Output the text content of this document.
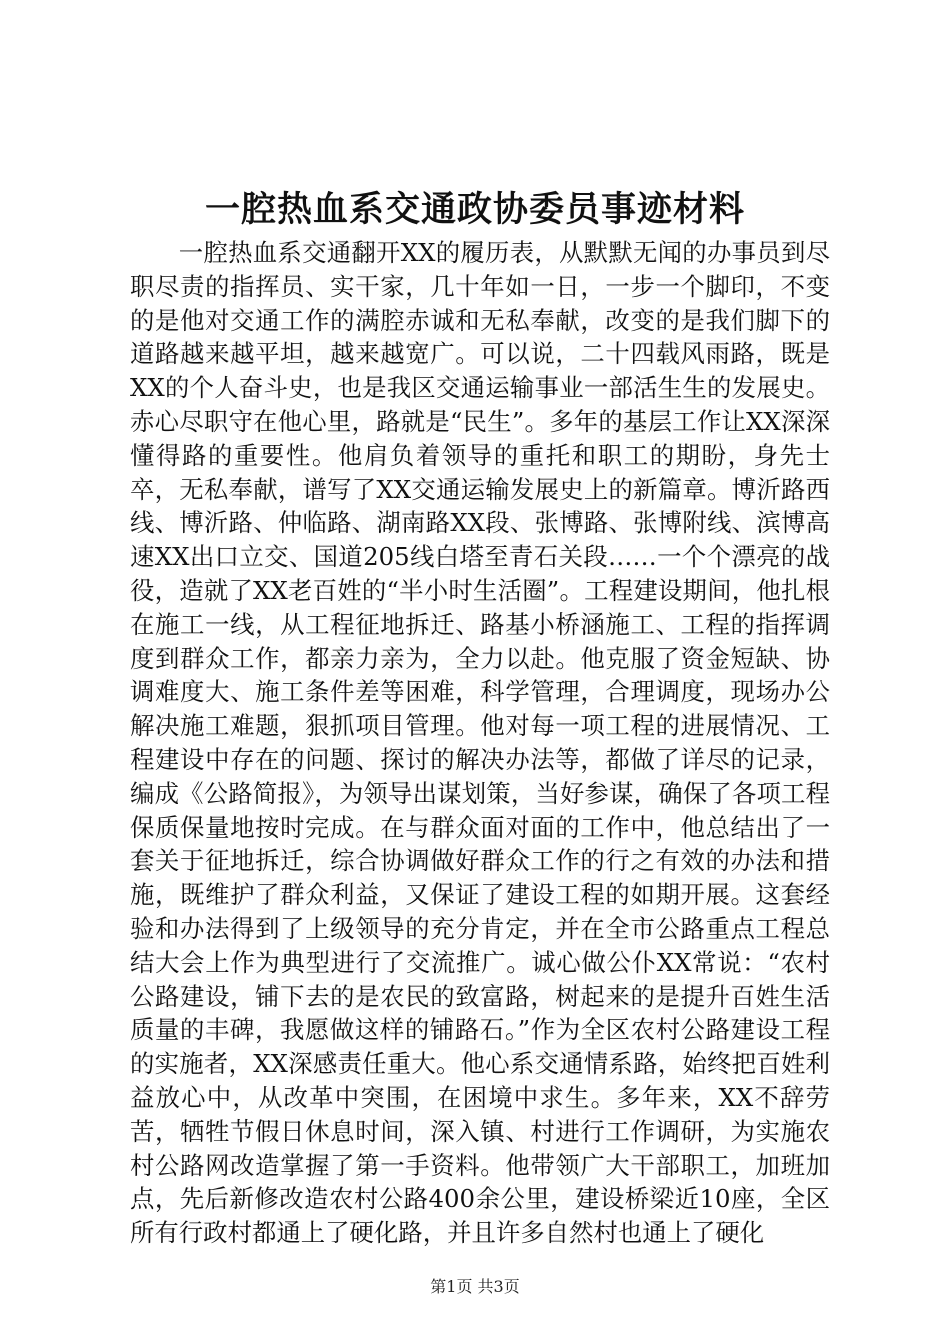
一腔热血系交通政协委员事迹材料

一腔热血系交通翻开XX的履历表，从默默无闻的办事员到尽职尽责的指挥员、实干家，几十年如一日，一步一个脚印，不变的是他对交通工作的满腔赤诚和无私奉献，改变的是我们脚下的道路越来越平坦，越来越宽广。可以说，二十四载风雨路，既是XX的个人奋斗史，也是我区交通运输事业一部活生生的发展史。赤心尽职守在他心里，路就是“民生”。多年的基层工作让XX深深懂得路的重要性。他肩负着领导的重托和职工的期盼，身先士卒，无私奉献，谱写了XX交通运输发展史上的新篇章。博沂路西线、博沂路、仲临路、湖南路XX段、张博路、张博附线、滨博高速XX出口立交、国道205线白塔至青石关段……一个个漂亮的战役，造就了XX老百姓的“半小时生活圈”。工程建设期间，他扎根在施工一线，从工程征地拆迁、路基小桥涵施工、工程的指挥调度到群众工作，都亲力亲为，全力以赴。他克服了资金短缺、协调难度大、施工条件差等困难，科学管理，合理调度，现场办公解决施工难题，狠抓项目管理。他对每一项工程的进展情况、工程建设中存在的问题、探讨的解决办法等，都做了详尽的记录，编成《公路简报》，为领导出谋划策，当好参谋，确保了各项工程保质保量地按时完成。在与群众面对面的工作中，他总结出了一套关于征地拆迁，综合协调做好群众工作的行之有效的办法和措施，既维护了群众利益，又保证了建设工程的如期开展。这套经验和办法得到了上级领导的充分肯定，并在全市公路重点工程总结大会上作为典型进行了交流推广。诚心做公仆XX常说：“农村公路建设，铺下去的是农民的致富路，树起来的是提升百姓生活质量的丰碑，我愿做这样的铺路石。”作为全区农村公路建设工程的实施者，XX深感责任重大。他心系交通情系路，始终把百姓利益放心中，从改革中突围，在困境中求生。多年来，XX不辞劳苦，牺牲节假日休息时间，深入镇、村进行工作调研，为实施农村公路网改造掌握了第一手资料。他带领广大干部职工，加班加点，先后新修改造农村公路400余公里，建设桥梁近10座，全区所有行政村都通上了硬化路，并且许多自然村也通上了硬化

第1页 共3页
